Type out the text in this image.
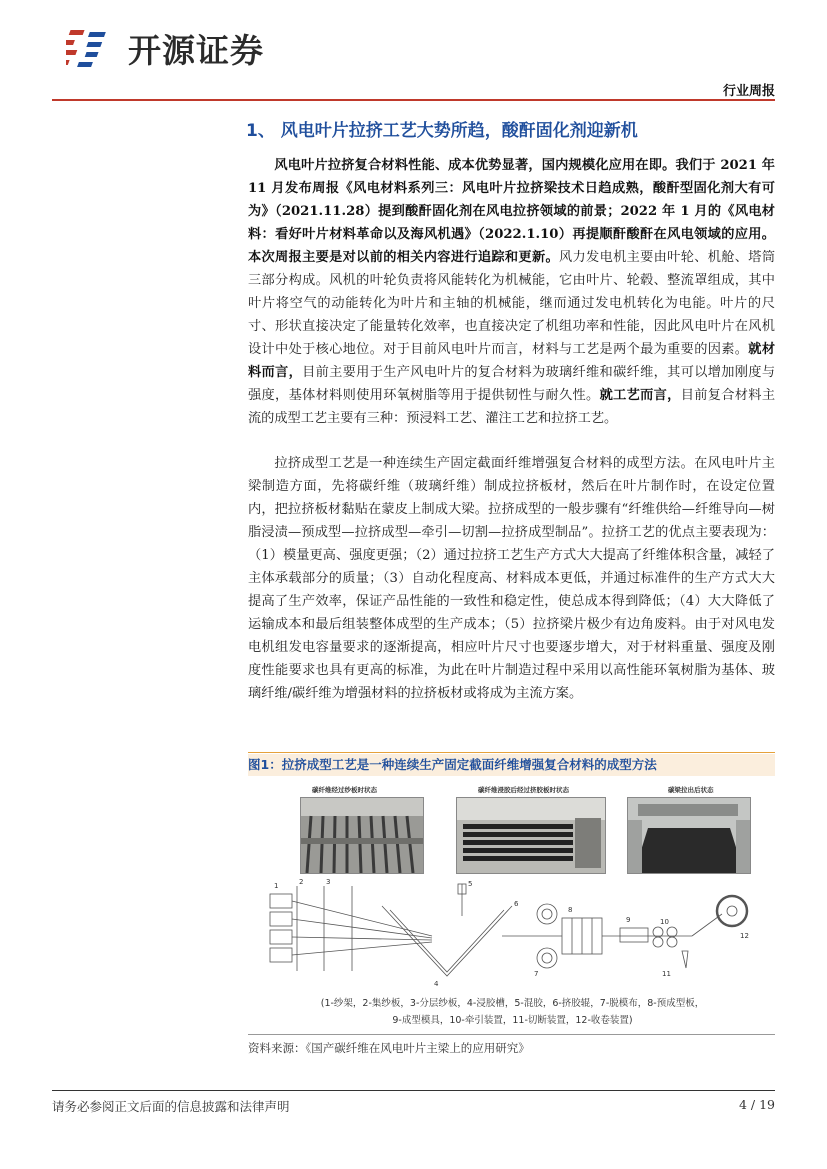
开源证券
行业周报
1、 风电叶片拉挤工艺大势所趋，酸酐固化剂迎新机

风电叶片拉挤复合材料性能、成本优势显著，国内规模化应用在即。我们于 2021 年 11 月发布周报《风电材料系列三：风电叶片拉挤梁技术日趋成熟，酸酐型固化剂大有可为》（2021.11.28）提到酸酐固化剂在风电拉挤领域的前景；2022 年 1 月的《风电材料：看好叶片材料革命以及海风机遇》（2022.1.10）再提顺酐酸酐在风电领域的应用。本次周报主要是对以前的相关内容进行追踪和更新。风力发电机主要由叶轮、机舱、塔筒三部分构成。风机的叶轮负责将风能转化为机械能，它由叶片、轮毂、整流罩组成，其中叶片将空气的动能转化为叶片和主轴的机械能，继而通过发电机转化为电能。叶片的尺寸、形状直接决定了能量转化效率，也直接决定了机组功率和性能，因此风电叶片在风机设计中处于核心地位。对于目前风电叶片而言，材料与工艺是两个最为重要的因素。就材料而言，目前主要用于生产风电叶片的复合材料为玻璃纤维和碳纤维，其可以增加刚度与强度，基体材料则使用环氧树脂等用于提供韧性与耐久性。就工艺而言，目前复合材料主流的成型工艺主要有三种：预浸料工艺、灌注工艺和拉挤工艺。

拉挤成型工艺是一种连续生产固定截面纤维增强复合材料的成型方法。在风电叶片主梁制造方面，先将碳纤维（玻璃纤维）制成拉挤板材，然后在叶片制作时，在设定位置内，把拉挤板材黏贴在蒙皮上制成大梁。拉挤成型的一般步骤有“纤维供给—纤维导向—树脂浸渍—预成型—拉挤成型—牵引—切割—拉挤成型制品”。拉挤工艺的优点主要表现为：（1）模量更高、强度更强；（2）通过拉挤工艺生产方式大大提高了纤维体积含量，减轻了主体承载部分的质量；（3）自动化程度高、材料成本更低，并通过标准件的生产方式大大提高了生产效率，保证产品性能的一致性和稳定性，使总成本得到降低；（4）大大降低了运输成本和最后组装整体成型的生产成本；（5）拉挤梁片极少有边角废料。由于对风电发电机组发电容量要求的逐渐提高，相应叶片尺寸也要逐步增大，对于材料重量、强度及刚度性能要求也具有更高的标准，为此在叶片制造过程中采用以高性能环氧树脂为基体、玻璃纤维/碳纤维为增强材料的拉挤板材或将成为主流方案。

图1：拉挤成型工艺是一种连续生产固定截面纤维增强复合材料的成型方法
碳纤维经过纱板时状态	碳纤维浸胶后经过挤胶板时状态	碳梁拉出后状态
1	2	3
4
5
6
7
8
9	10
11
12
(1-纱架，2-集纱板，3-分层纱板，4-浸胶槽，5-混胶，6-挤胶辊，7-脱模布，8-预成型板，
9-成型模具，10-牵引装置，11-切断装置，12-收卷装置)
资料来源：《国产碳纤维在风电叶片主梁上的应用研究》
请务必参阅正文后面的信息披露和法律声明	4 / 19
